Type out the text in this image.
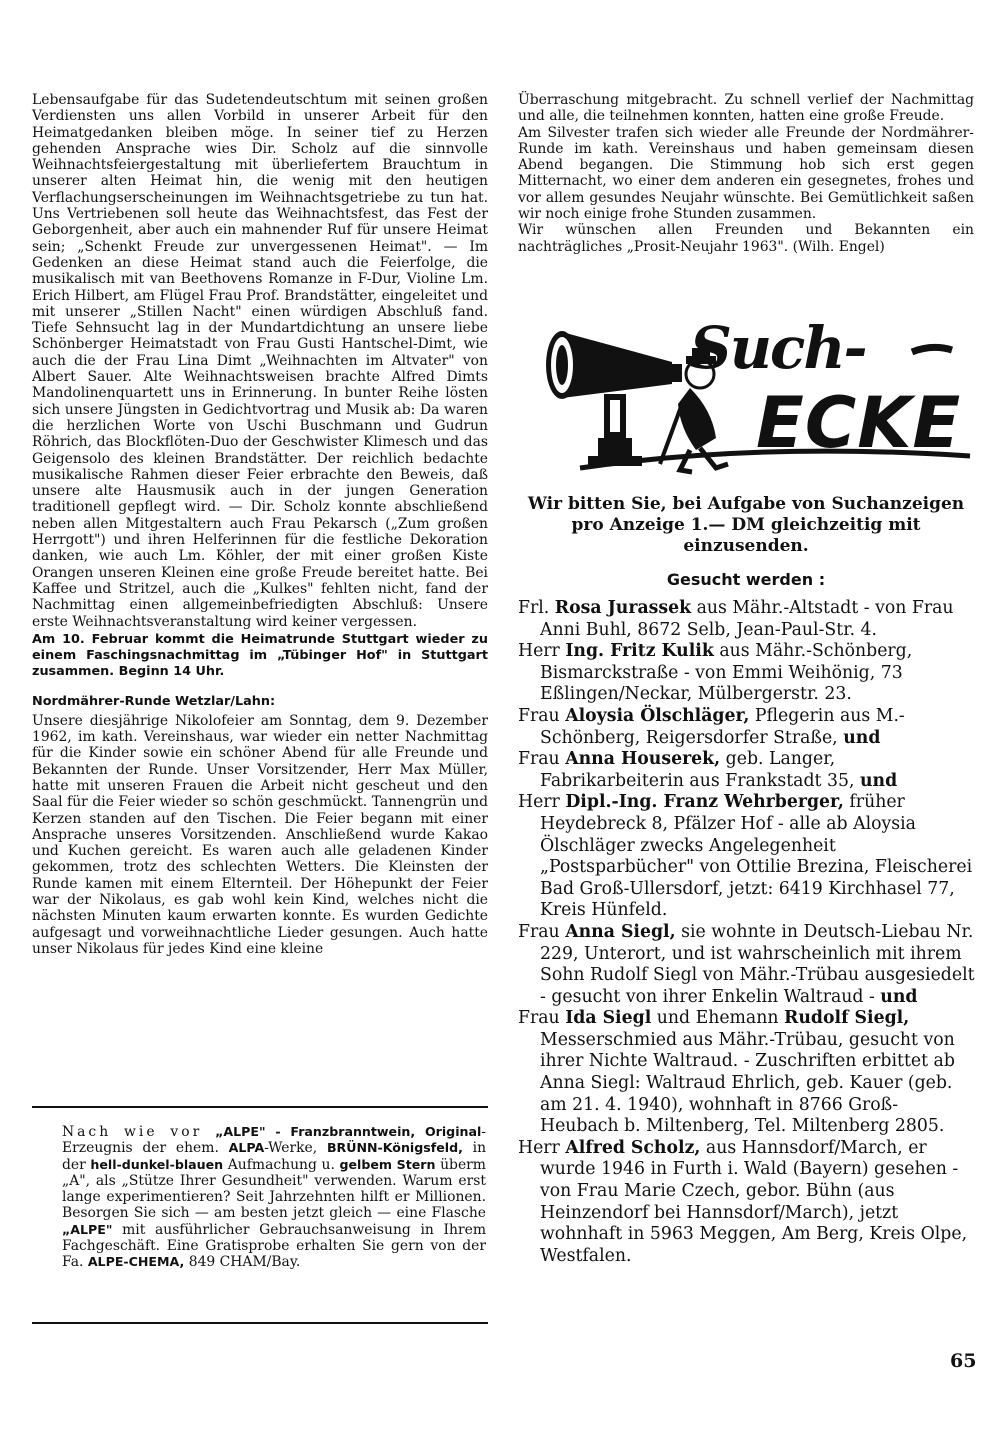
Lebensaufgabe für das Sudetendeutschtum mit seinen großen Verdiensten uns allen Vorbild in unserer Arbeit für den Heimatgedanken bleiben möge. In seiner tief zu Herzen gehenden Ansprache wies Dir. Scholz auf die sinnvolle Weihnachtsfeiergestaltung mit überliefertem Brauchtum in unserer alten Heimat hin, die wenig mit den heutigen Verflachungserscheinungen im Weihnachtsgetriebe zu tun hat. Uns Vertriebenen soll heute das Weihnachtsfest, das Fest der Geborgenheit, aber auch ein mahnender Ruf für unsere Heimat sein; „Schenkt Freude zur unvergessenen Heimat". — Im Gedenken an diese Heimat stand auch die Feierfolge, die musikalisch mit van Beethovens Romanze in F-Dur, Violine Lm. Erich Hilbert, am Flügel Frau Prof. Brandstätter, eingeleitet und mit unserer „Stillen Nacht" einen würdigen Abschluß fand. Tiefe Sehnsucht lag in der Mundartdichtung an unsere liebe Schönberger Heimatstadt von Frau Gusti Hantschel-Dimt, wie auch die der Frau Lina Dimt „Weihnachten im Altvater" von Albert Sauer. Alte Weihnachtsweisen brachte Alfred Dimts Mandolinenquartett uns in Erinnerung. In bunter Reihe lösten sich unsere Jüngsten in Gedichtvortrag und Musik ab: Da waren die herzlichen Worte von Uschi Buschmann und Gudrun Röhrich, das Blockflöten-Duo der Geschwister Klimesch und das Geigensolo des kleinen Brandstätter. Der reichlich bedachte musikalische Rahmen dieser Feier erbrachte den Beweis, daß unsere alte Hausmusik auch in der jungen Generation traditionell gepflegt wird. — Dir. Scholz konnte abschließend neben allen Mitgestaltern auch Frau Pekarsch („Zum großen Herrgott") und ihren Helferinnen für die festliche Dekoration danken, wie auch Lm. Köhler, der mit einer großen Kiste Orangen unseren Kleinen eine große Freude bereitet hatte. Bei Kaffee und Stritzel, auch die „Kulkes" fehlten nicht, fand der Nachmittag einen allgemeinbefriedigten Abschluß: Unsere erste Weihnachtsveranstaltung wird keiner vergessen.

Am 10. Februar kommt die Heimatrunde Stuttgart wieder zu einem Faschingsnachmittag im „Tübinger Hof" in Stuttgart zusammen. Beginn 14 Uhr.

Nordmährer-Runde Wetzlar/Lahn:

Unsere diesjährige Nikolofeier am Sonntag, dem 9. Dezember 1962, im kath. Vereinshaus, war wieder ein netter Nachmittag für die Kinder sowie ein schöner Abend für alle Freunde und Bekannten der Runde. Unser Vorsitzender, Herr Max Müller, hatte mit unseren Frauen die Arbeit nicht gescheut und den Saal für die Feier wieder so schön geschmückt. Tannengrün und Kerzen standen auf den Tischen. Die Feier begann mit einer Ansprache unseres Vorsitzenden. Anschließend wurde Kakao und Kuchen gereicht. Es waren auch alle geladenen Kinder gekommen, trotz des schlechten Wetters. Die Kleinsten der Runde kamen mit einem Elternteil. Der Höhepunkt der Feier war der Nikolaus, es gab wohl kein Kind, welches nicht die nächsten Minuten kaum erwarten konnte. Es wurden Gedichte aufgesagt und vorweihnachtliche Lieder gesungen. Auch hatte unser Nikolaus für jedes Kind eine kleine

Nach wie vor „ALPE" - Franzbranntwein, Original-Erzeugnis der ehem. ALPA-Werke, BRÜNN-Königsfeld, in der hell-dunkel-blauen Aufmachung u. gelbem Stern überm „A", als „Stütze Ihrer Gesundheit" verwenden. Warum erst lange experimentieren? Seit Jahrzehnten hilft er Millionen. Besorgen Sie sich — am besten jetzt gleich — eine Flasche „ALPE" mit ausführlicher Gebrauchsanweisung in Ihrem Fachgeschäft. Eine Gratisprobe erhalten Sie gern von der Fa. ALPE-CHEMA, 849 CHAM/Bay.

Überraschung mitgebracht. Zu schnell verlief der Nachmittag und alle, die teilnehmen konnten, hatten eine große Freude.

Am Silvester trafen sich wieder alle Freunde der Nordmährer-Runde im kath. Vereinshaus und haben gemeinsam diesen Abend begangen. Die Stimmung hob sich erst gegen Mitternacht, wo einer dem anderen ein gesegnetes, frohes und vor allem gesundes Neujahr wünschte. Bei Gemütlichkeit saßen wir noch einige frohe Stunden zusammen.

Wir wünschen allen Freunden und Bekannten ein nachträgliches „Prosit-Neujahr 1963". (Wilh. Engel)

Such-
ECKE
Wir bitten Sie, bei Aufgabe von Suchanzeigen pro Anzeige 1.— DM gleichzeitig mit einzusenden.
Gesucht werden :

Frl. Rosa Jurassek aus Mähr.-Altstadt - von Frau Anni Buhl, 8672 Selb, Jean-Paul-Str. 4.

Herr Ing. Fritz Kulik aus Mähr.-Schönberg, Bismarckstraße - von Emmi Weihönig, 73 Eßlingen/Neckar, Mülbergerstr. 23.

Frau Aloysia Ölschläger, Pflegerin aus M.-Schönberg, Reigersdorfer Straße, und

Frau Anna Houserek, geb. Langer, Fabrikarbeiterin aus Frankstadt 35, und

Herr Dipl.-Ing. Franz Wehrberger, früher Heydebreck 8, Pfälzer Hof - alle ab Aloysia Ölschläger zwecks Angelegenheit „Postsparbücher" von Ottilie Brezina, Fleischerei Bad Groß-Ullersdorf, jetzt: 6419 Kirchhasel 77, Kreis Hünfeld.

Frau Anna Siegl, sie wohnte in Deutsch-Liebau Nr. 229, Unterort, und ist wahrscheinlich mit ihrem Sohn Rudolf Siegl von Mähr.-Trübau ausgesiedelt - gesucht von ihrer Enkelin Waltraud - und

Frau Ida Siegl und Ehemann Rudolf Siegl, Messerschmied aus Mähr.-Trübau, gesucht von ihrer Nichte Waltraud. - Zuschriften erbittet ab Anna Siegl: Waltraud Ehrlich, geb. Kauer (geb. am 21. 4. 1940), wohnhaft in 8766 Groß-Heubach b. Miltenberg, Tel. Miltenberg 2805.

Herr Alfred Scholz, aus Hannsdorf/March, er wurde 1946 in Furth i. Wald (Bayern) gesehen - von Frau Marie Czech, gebor. Bühn (aus Heinzendorf bei Hannsdorf/March), jetzt wohnhaft in 5963 Meggen, Am Berg, Kreis Olpe, Westfalen.

65
